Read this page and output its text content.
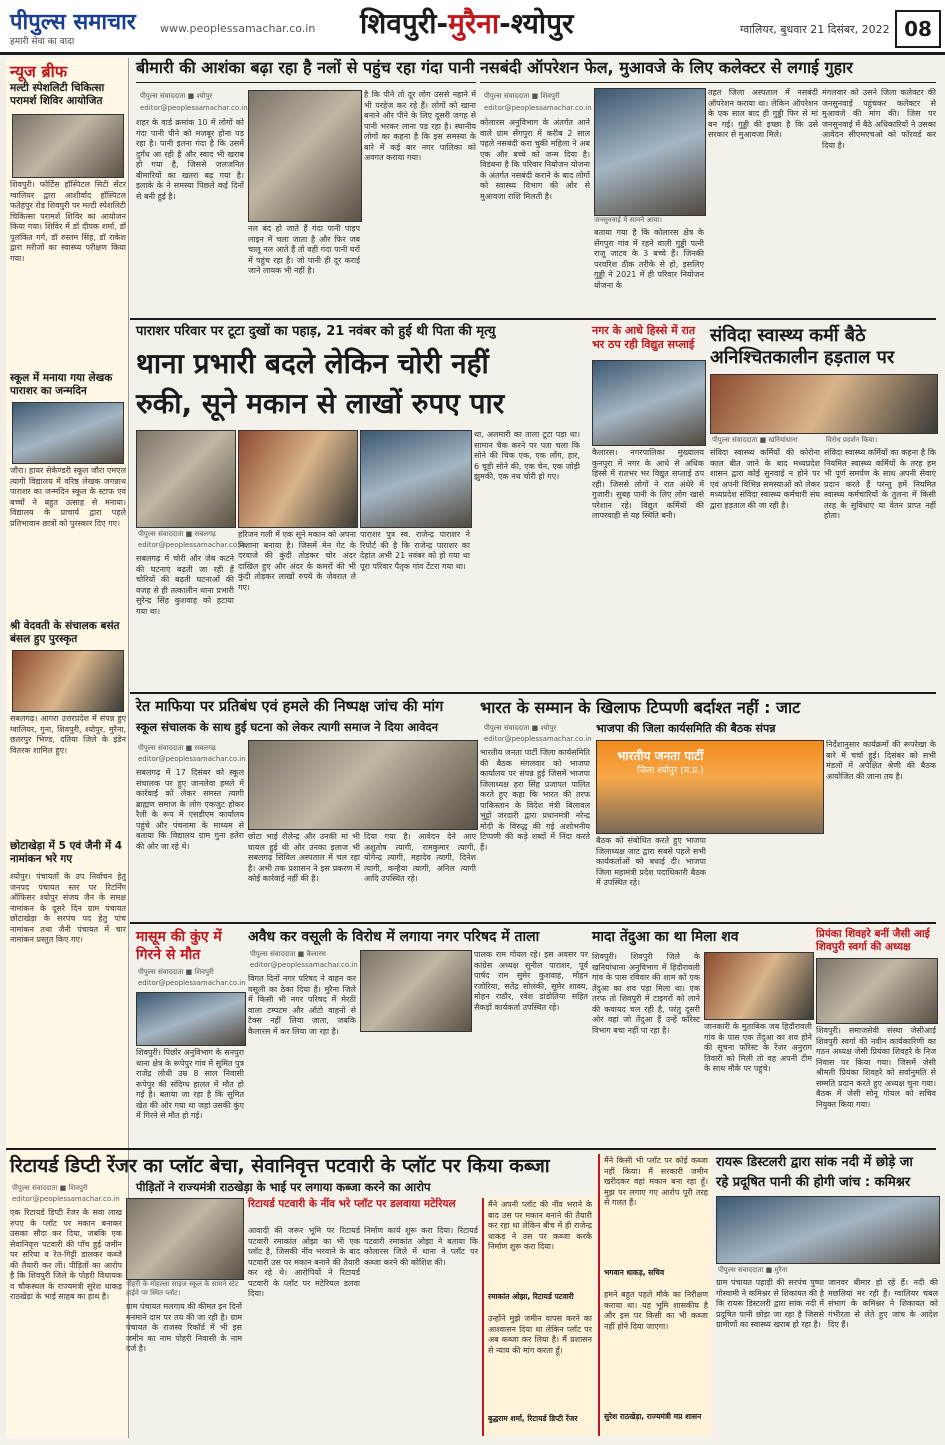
पीपुल्स समाचार
हमारी सेवा का वादा
www.peoplessamachar.co.in शिवपुरी-मुरैना-श्योपुर	ग्वालियर, बुधवार 21 दिसंबर, 2022 08
न्यूज ब्रीफ
मल्टी स्पेशलिटी चिकित्सा परामर्श शिविर आयोजित
शिवपुरी। फोर्टिस हॉस्पिटल सिटी सेंटर ग्वालियर द्वारा आशीर्वाद हॉस्पिटल फतेहपुर रोड शिवपुरी पर मल्टी स्पेशलिटी चिकित्सा परामर्श शिविर का आयोजन किया गया। शिविर में डॉ दीपक शर्मा, डॉ पुलकित गर्ग, डॉ रुस्तम सिंह, डॉ राकेश द्वारा मरीजों का स्वास्थ्य परीक्षण किया गया।
स्कूल में मनाया गया लेखक पाराशर का जन्मदिन
जौरा। हायर सेकेण्डरी स्कूल जौरा एमएल त्यागी विद्यालय में वरिष्ठ लेखक जगन्नाथ पाराशर का जन्मदिन स्कूल के स्टाफ एवं बच्चों ने बहुत उत्साह से मनाया। विद्यालय के प्राचार्य द्वारा पहले प्रतिभावान छात्रों को पुरस्कार दिए गए।
श्री वेदवती के संचालक बसंत बंसल हुए पुरस्कृत
सबलगढ़। आगरा उत्तरप्रदेश में संपन्न हुए ग्वालियर, गुना, शिवपुरी, श्योपुर, मुरैना, छतरपुर भिण्ड, दतिया जिले के इंडेन वितरक शामिल हुए।
छोटाखेड़ा में 5 एवं जैनी में 4 नामांकन भरे गए
श्योपुर। पंचायतों के उप निर्वाचन हेतु जनपद पंचायत स्तर पर रिटर्निंग ऑफिसर श्योपुर संजय जैन के समक्ष नामांकन के दूसरे दिन ग्राम पंचायत छोटाखेड़ा के सरपंच पद हेतु पांच नामांकन तथा जैनी पंचायत में चार नामांकन प्रस्तुत किए गए।
बीमारी की आशंका बढ़ा रहा है नलों से पहुंच रहा गंदा पानी
पीपुल्स संवाददाता ■ श्योपुर
editor@peoplessamachar.co.in
शहर के वार्ड क्रमांक 10 में लोगों को गंदा पानी पीने को मजबूर होना पड़ रहा है। पानी इतना गंदा है कि उसमें दुर्गंध आ रही है और स्वाद भी खराब हो गया है, जिससे जलजनित बीमारियों का खतरा बढ़ गया है। इलाके के ने समस्या पिछले कई दिनों से बनी हुई है।
नल बंद हो जाते हैं गंदा पानी पाइप लाइन में चला जाता है और फिर जब चालू नल आते हैं तो वही गंदा पानी घरों में पहुंच रहा है। जो पानी ही दूर कराई जाने लायक भी नहीं है।
है कि पीने तो दूर लोग उससे नहाने में भी परहेज कर रहे हैं। लोगों को खाना बनाने और पीने के लिए दूसरी जगह से पानी भरकर लाना पड़ रहा है। स्थानीय लोगों का कहना है कि इस समस्या के बारे में कई बार नगर पालिका को अवगत कराया गया।
नसबंदी ऑपरेशन फेल, मुआवजे के लिए कलेक्टर से लगाई गुहार
पीपुल्स संवाददाता ■ शिवपुरी
editor@peoplessamachar.co.in
कोलारस अनुविभाग के अंतर्गत आने वाले ग्राम सेंगपुरा में करीब 2 साल पहले नसबंदी करा चुकी महिला ने अब एक और बच्चे को जन्म दिया है। विडंबना है कि परिवार नियोजन योजना के अंतर्गत नसबंदी कराने के बाद लोगों को स्वास्थ्य विभाग की ओर से मुआवजा राशि मिलती है।
जनसुनवाई में सामने आया।
बताया गया है कि कोलारस क्षेत्र के सेंगपुरा गांव में रहने वाली गुड्डी पत्नी राजू जाटव के 3 बच्चे हैं। जिनकी परवरिश ठीक तरीके से हो, इसलिए गुड्डी ने 2021 में ही परिवार नियोजन योजना के
तहत जिला अस्पताल में नसबंदी ऑपरेशन कराया था। लेकिन ऑपरेशन के एक साल बाद ही गुड्डी फिर से मां बन गई। गुड्डी की इच्छा है कि उसे सरकार से मुआवजा मिले।
मंगलवार को उसने जिला कलेक्टर की जनसुनवाई पहुंचकर कलेक्टर से मुआवजे की मांग की। जिस पर जनसुनवाई में बैठे अधिकारियों ने उसका आवेदन सीएमएचओ को फॉरवर्ड कर दिया है।
पाराशर परिवार पर टूटा दुखों का पहाड़, 21 नवंबर को हुई थी पिता की मृत्यु
थाना प्रभारी बदले लेकिन चोरी नहीं
रुकी, सूने मकान से लाखों रुपए पार
पीपुल्स संवाददाता ■ सबलगढ़
editor@peoplessamachar.co.in
सबलगढ़ में चोरी और जेब कटने की घटनाएं बढ़ती जा रही हैं चोरियों की बढ़ती घटनाओं की वजह से ही तत्कालीन थाना प्रभारी सुरेन्द्र सिंह कुशवाह को हटाया गया था।
हरिजन गली में एक सूने मकान को अपना निशाना बनाया है। जिसमें मेन गेट के दरवाजे की कुंदी तोड़कर चोर अंदर दाखिल हुए और अंदर के कमरों की भी कुंदी तोड़कर लाखों रुपये के जेवरात ले गए।
पाराशर पुत्र स्व. राजेन्द्र पाराशर ने रिपोर्ट की है कि राजेन्द्र पाराशर का देहांत अभी 21 नवंबर को हो गया था पूरा परिवार पैतृक गांव टेंटरा गया था।
था, अलमारी का ताला टूटा पड़ा था। सामान चैक करने पर पता चला कि सोने की चिक एक, एक लोंग, हार, 6 चूड़ी सोने की, एक चेन, एक जोड़ी झुमकी, एक नथ चोरी हो गए।
नगर के आधे हिस्से में रात भर ठप रही विद्युत सप्लाई
कैलारस। नगरपालिका मुख्यालय कुनपुरा में नगर के आधे से अधिक हिस्से में रातभर भर विद्युत सप्लाई ठप रही। जिससे लोगों ने रात अंधेरे में गुजारी। सुबह पानी के लिए लोग खासे परेशान रहे। विद्युत कर्मियों की लापरवाही से यह स्थिति बनी।
संविदा स्वास्थ्य कर्मी बैठे
अनिश्चितकालीन हड़ताल पर
पीपुल्स संवाददाता ■ खनियांधाना	विरोध प्रदर्शन किया।
संविदा स्वास्थ्य कर्मियों की कोरोना काल बीत जाने के बाद मध्यप्रदेश शासन द्वारा कोई सुनवाई न होने पर एवं अपनी विभिन्न समस्याओं को लेकर मध्यप्रदेश संविदा स्वास्थ्य कर्मचारी संघ द्वारा हड़ताल की जा रही है।
संविदा स्वास्थ्य कर्मियों का कहना है कि नियमित स्वास्थ्य कर्मियों के तरह हम भी पूर्ण समर्पण के साथ अपनी सेवाएं प्रदान करते हैं परन्तु हमें नियमित स्वास्थ्य कर्मचारियों के तुलना में किसी तरह के सुविधाएं या वेतन प्राप्त नहीं होता।
रेत माफिया पर प्रतिबंध एवं हमले की निष्पक्ष जांच की मांग
स्कूल संचालक के साथ हुई घटना को लेकर त्यागी समाज ने दिया आवेदन
पीपुल्स संवाददाता ■ सबलगढ़
editor@peoplessamachar.co.in
सबलगढ़ में 17 दिसंबर को स्कूल संचालक पर हुए जानलेवा हमले में कार्रवाई को लेकर समस्त त्यागी ब्राह्मण समाज के लोग एकजुट होकर रैली के रूप में एसडीएम कार्यालय पहुंचे और पंचनामा के माध्यम से बताया कि विद्यालय ग्राम गुना हतेरा की ओर जा रहे थे।
छोटा भाई शैलेन्द्र और उनकी मां भी घायल हुई थी और उनका इलाज भी सबलगढ़ सिविल अस्पताल में चल रहा है। अभी तक प्रशासन ने इस प्रकरण में कोई कार्रवाई नहीं की है।
दिया गया है। आवेदन देने आए अशुतोष त्यागी, रामकुमार त्यागी, योगेन्द्र त्यागी, महादेव त्यागी, दिनेश त्यागी, कन्हैया त्यागी, अनिल त्यागी आदि उपस्थित रहे।
भारत के सम्मान के खिलाफ टिप्पणी बर्दाश्त नहीं : जाट
भाजपा की जिला कार्यसमिति की बैठक संपन्न
पीपुल्स संवाददाता ■ श्योपुर
editor@peoplessamachar.co.in
भारतीय जनता पार्टी जिला कार्यसमिति की बैठक मंगलवार को भाजपा कार्यालय पर संपन्न हुई जिसमें भाजपा जिलाध्यक्ष हरा सिंह प्रजापत पालित करते हुए कहा कि भारत की तरफ पाकिस्तान के विदेश मंत्री बिलावल भुट्टो जरदारी द्वारा प्रधानमंत्री नरेन्द्र मोदी के विरुद्ध की गई अशोभनीय टिप्पणी की कड़े शब्दों में निंदा करते हैं।
भारतीय जनता पार्टी
जिला श्योपुर (म.प्र.)
बैठक को संबोधित करते हुए भाजपा जिलाध्यक्ष जाट द्वारा सबसे पहले सभी कार्यकर्ताओं को बधाई दी। भाजपा जिला महामंत्री प्रदेश पदाधिकारी बैठक में उपस्थित रहे।
निर्देशानुसार कार्यक्रमों की रूपरेखा के बारे में चर्चा हुई। दिसंबर को सभी मंडलों में अपेक्षित श्रेणी की बैठक आयोजित की जाना तय है।
मासूम की कुंए में
गिरने से मौत
पीपुल्स संवाददाता ■ शिवपुरी
editor@peoplessamachar.co.in
शिवपुरी। पिछोर अनुविभाग के सनपुरा थाना क्षेत्र के रूपेपुर गांव में सुमित पुत्र राजेंद्र लोधी उम्र 8 साल निवासी रूपेपुर की संदिग्ध हालत में मौत हो गई है। बताया जा रहा है कि सुमित खेत की ओर गया था जहां उसकी कुंए में गिरने से मौत हो गई।
अवैध कर वसूली के विरोध में लगाया नगर परिषद में ताला
पीपुल्स संवाददाता ■ कैलारस
editor@peoplessamachar.co.in
विगत दिनों नगर परिषद ने वाहन कर वसूली का ठेका दिया है। मुरैना जिले में किसी भी नगर परिषद में मेरठी वाला टम्पटम और ऑटो वाहनों से टैक्स नहीं लिया जाता, जबकि कैलारस में कर लिया जा रहा है।
पालक राम गोयल रहे। इस अवसर पर कांग्रेस अध्यक्ष सुनील पाराशर, पूर्व पार्षद राम सुमेर कुशवाह, मोहन रजोरिया, सतेंद्र सोलंकी, सुमेर शाक्य, मोहन राठौर, रवेश डांडोतिया सहित सैकड़ों कार्यकर्ता उपस्थित रहे।
मादा तेंदुआ का था मिला शव
शिवपुरी। शिवपुरी जिले के खनियांधाना अनुविभाग में हिदौरावली गांव के पास रविवार की शाम को एक तेंदुआ का शव पड़ा मिला था। एक तरफ तो शिवपुरी में टाइगरों को लाने की कवायद चल रही है, परंतु दूसरी ओर वहां जो तेंदुआ हैं उन्हें फॉरेस्ट विभाग बचा नहीं पा रहा है।	जानकारी के मुताबिक जब हिदौरावली गांव के पास एक तेंदुआ का शव होने की सूचना फॉरेस्ट के रेंजर अनुराग तिवारी को मिली तो वह अपनी टीम के साथ मौके पर पहुंचे।
प्रियंका शिवहरे बनीं जैसी आई शिवपुरी स्वर्गा की अध्यक्ष
शिवपुरी। समाजसेवी संस्था जेसीआई शिवपुरी स्वर्गा की नवीन कार्यकारिणी का गठन अध्यक्ष जेसी प्रियंका शिवहरे के निज निवास पर किया गया। जिसमें जेसी श्रीमती प्रियंका शिवहरे को सर्वानुमति से सम्मति प्रदान करते हुए अध्यक्ष चुना गया। बैठक में जेसी सोनू गोयल को सचिव नियुक्त किया गया।
रिटायर्ड डिप्टी रेंजर का प्लॉट बेचा, सेवानिवृत्त पटवारी के प्लॉट पर किया कब्जा
पीड़ितों ने राज्यमंत्री राठखेड़ा के भाई पर लगाया कब्जा करने का आरोप
पीपुल्स संवाददाता ■ शिवपुरी
editor@peoplessamachar.co.in
एक रिटायर्ड डिप्टी रेंजर के सवा लाख रुपए के प्लॉट पर मकान बनाकर उसका सौदा कर दिया, जबकि एक सेवानिवृत्त पटवारी की पाँच हुई जमीन पर सरिया व रेत-गिट्टी डालकर कब्जे की तैयारी कर ली। पीड़ितों का आरोप है कि शिवपुरी जिले के पोहरी विधायक व चौकस्थल के राज्यमंत्री सुरेश धाकड़ राठखेड़ा के भाई साहब का हाथ है।
पोहरी के मोहल्ला साइज स्कूल के सामने स्टेट हाईवे पर स्थित प्लॉट।
ग्राम पंचायत मलगाय की कीमत इन दिनों मनमाने दाम पर तय की जा रही है। ग्राम पंचायत के राजस्व रिकॉर्ड में भी इस जमीन का नाम पोहरी निवासी के नाम दर्ज है।
रिटायर्ड पटवारी के नींव भरे प्लॉट पर डलवाया मटेरियल
आवादी की जरूर भूमि पर रिटायर्ड पटवारी रमाकांत ओझा का भी एक प्लॉट है, जिसकी नींव भरवाने के बाद पटवारी उस पर मकान बनाने की तैयारी कर रहे थे। आरोपियों ने रिटायर्ड पटवारी के प्लॉट पर मटेरियल डलवा दिया।
निर्माण कार्य शुरू करा दिया। रिटायर्ड पटवारी रमाकांत ओझा ने बताया कि कोलारस जिले में थाना ने प्लॉट पर कब्जा करने की कोशिश की।
मैंने अपनी प्लॉट की नींव भराने के बाद उस पर मकान बनाने की तैयारी कर रहा था लेकिन बीच में ही राजेन्द्र धाकड़ ने उस पर कब्जा करके निर्माण शुरू करा दिया।
रमाकांत ओझा, रिटायर्ड पटवारी
उन्होंने मुझे जमीन वापस करने का आश्वासन दिया था लेकिन प्लॉट पर अब कब्जा कर लिया है। मैं प्रशासन से न्याय की मांग करता हूँ।
बुद्धराम शर्मा, रिटायर्ड डिप्टी रेंजर
मैंने किसी भी प्लॉट पर कोई कब्जा नहीं किया। मैं सरकारी जमीन खरीदकर वहां मकान बना रहा हूँ। मुझ पर लगाए गए आरोप पूरी तरह से गलत हैं।
भगवान धाकड़, सचिव
हमने बहुत पहले मौके का निरीक्षण कराया था। यह भूमि शासकीय है और इस पर किसी का भी कब्जा नहीं होने दिया जाएगा।
सुरेश राठखेड़ा, राज्यमंत्री मप्र शासन
रायरू डिस्टलरी द्वारा सांक नदी में छोड़े जा
रहे प्रदूषित पानी की होगी जांच : कमिश्नर
पीपुल्स संवाददाता ■ मुरैना
ग्राम पंचायत पहाड़ी की सरपंच पुष्पा गोस्वामी ने कमिश्नर से शिकायत की है कि रायरू डिस्टलरी द्वारा सांक नदी में प्रदूषित पानी छोड़ा जा रहा है जिससे ग्रामीणों का स्वास्थ्य खराब हो रहा है।
जानवर बीमार हो रहे हैं। नदी की मछलियां मर रही हैं। ग्वालियर चंबल संभाग के कमिश्नर ने शिकायत को गंभीरता से लेते हुए जांच के आदेश दिए हैं।
